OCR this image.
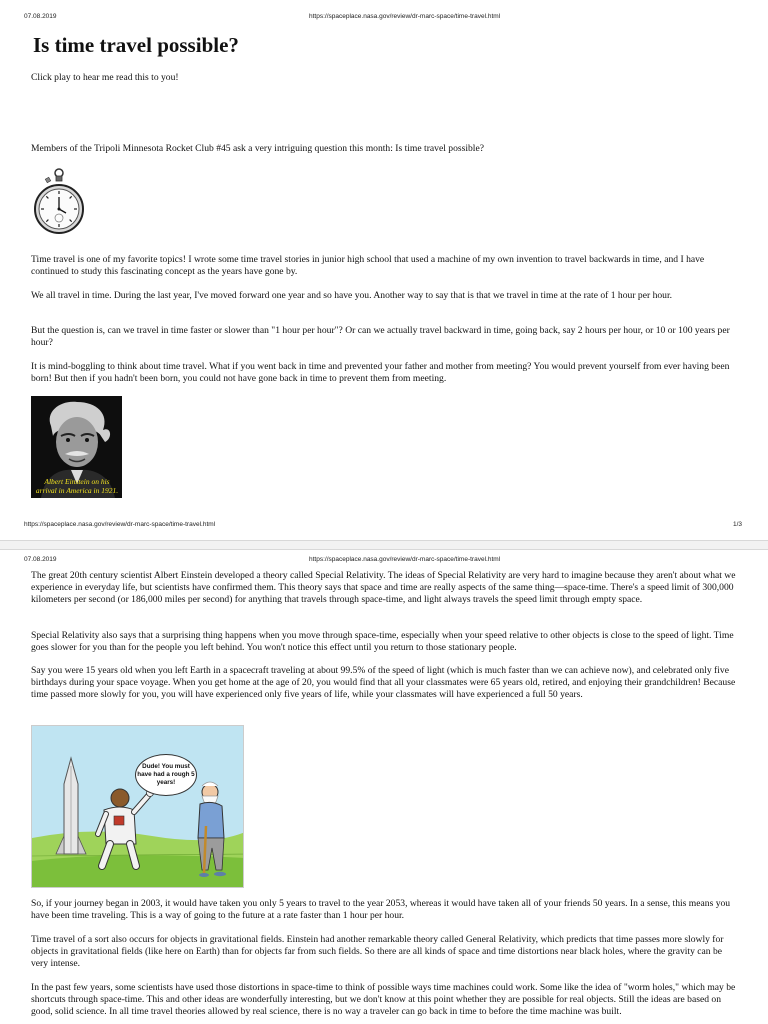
07.08.2019	https://spaceplace.nasa.gov/review/dr-marc-space/time-travel.html
Is time travel possible?
Click play to hear me read this to you!
Members of the Tripoli Minnesota Rocket Club #45 ask a very intriguing question this month: Is time travel possible?
Time travel is one of my favorite topics! I wrote some time travel stories in junior high school that used a machine of my own invention to travel backwards in time, and I have continued to study this fascinating concept as the years have gone by.
We all travel in time. During the last year, I've moved forward one year and so have you. Another way to say that is that we travel in time at the rate of 1 hour per hour.
But the question is, can we travel in time faster or slower than "1 hour per hour"? Or can we actually travel backward in time, going back, say 2 hours per hour, or 10 or 100 years per hour?
It is mind-boggling to think about time travel. What if you went back in time and prevented your father and mother from meeting? You would prevent yourself from ever having been born! But then if you hadn't been born, you could not have gone back in time to prevent them from meeting.
Albert Einstein on his arrival in America in 1921.
https://spaceplace.nasa.gov/review/dr-marc-space/time-travel.html	1/3
07.08.2019	https://spaceplace.nasa.gov/review/dr-marc-space/time-travel.html
The great 20th century scientist Albert Einstein developed a theory called Special Relativity. The ideas of Special Relativity are very hard to imagine because they aren't about what we experience in everyday life, but scientists have confirmed them. This theory says that space and time are really aspects of the same thing—space-time. There's a speed limit of 300,000 kilometers per second (or 186,000 miles per second) for anything that travels through space-time, and light always travels the speed limit through empty space.
Special Relativity also says that a surprising thing happens when you move through space-time, especially when your speed relative to other objects is close to the speed of light. Time goes slower for you than for the people you left behind. You won't notice this effect until you return to those stationary people.
Say you were 15 years old when you left Earth in a spacecraft traveling at about 99.5% of the speed of light (which is much faster than we can achieve now), and celebrated only five birthdays during your space voyage. When you get home at the age of 20, you would find that all your classmates were 65 years old, retired, and enjoying their grandchildren! Because time passed more slowly for you, you will have experienced only five years of life, while your classmates will have experienced a full 50 years.
Dude! You must have had a rough 5 years!
So, if your journey began in 2003, it would have taken you only 5 years to travel to the year 2053, whereas it would have taken all of your friends 50 years. In a sense, this means you have been time traveling. This is a way of going to the future at a rate faster than 1 hour per hour.
Time travel of a sort also occurs for objects in gravitational fields. Einstein had another remarkable theory called General Relativity, which predicts that time passes more slowly for objects in gravitational fields (like here on Earth) than for objects far from such fields. So there are all kinds of space and time distortions near black holes, where the gravity can be very intense.
In the past few years, some scientists have used those distortions in space-time to think of possible ways time machines could work. Some like the idea of "worm holes," which may be shortcuts through space-time. This and other ideas are wonderfully interesting, but we don't know at this point whether they are possible for real objects. Still the ideas are based on good, solid science. In all time travel theories allowed by real science, there is no way a traveler can go back in time to before the time machine was built.
